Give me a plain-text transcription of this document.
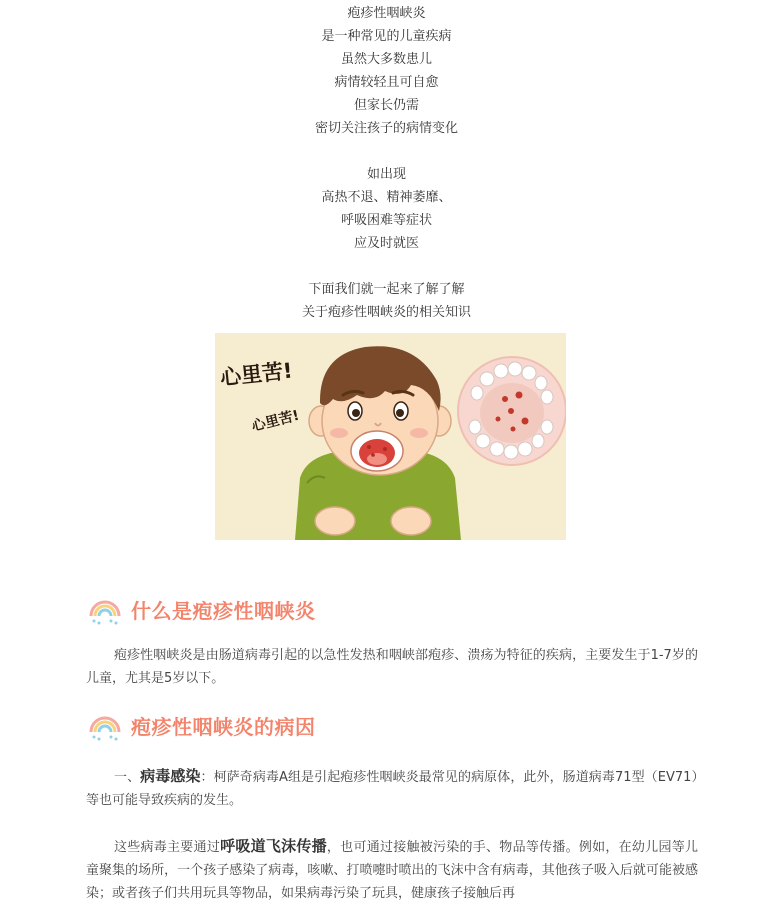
疱疹性咽峡炎
是一种常见的儿童疾病
虽然大多数患儿
病情较轻且可自愈
但家长仍需
密切关注孩子的病情变化
如出现
高热不退、精神萎靡、
呼吸困难等症状
应及时就医
下面我们就一起来了解了解
关于疱疹性咽峡炎的相关知识
心里苦!
心里苦!
什么是疱疹性咽峡炎
疱疹性咽峡炎是由肠道病毒引起的以急性发热和咽峡部疱疹、溃疡为特征的疾病，主要发生于1-7岁的儿童，尤其是5岁以下。
疱疹性咽峡炎的病因
一、病毒感染：柯萨奇病毒A组是引起疱疹性咽峡炎最常见的病原体，此外，肠道病毒71型（EV71）等也可能导致疾病的发生。
这些病毒主要通过呼吸道飞沫传播，也可通过接触被污染的手、物品等传播。例如，在幼儿园等儿童聚集的场所，一个孩子感染了病毒，咳嗽、打喷嚏时喷出的飞沫中含有病毒，其他孩子吸入后就可能被感染；或者孩子们共用玩具等物品，如果病毒污染了玩具，健康孩子接触后再
